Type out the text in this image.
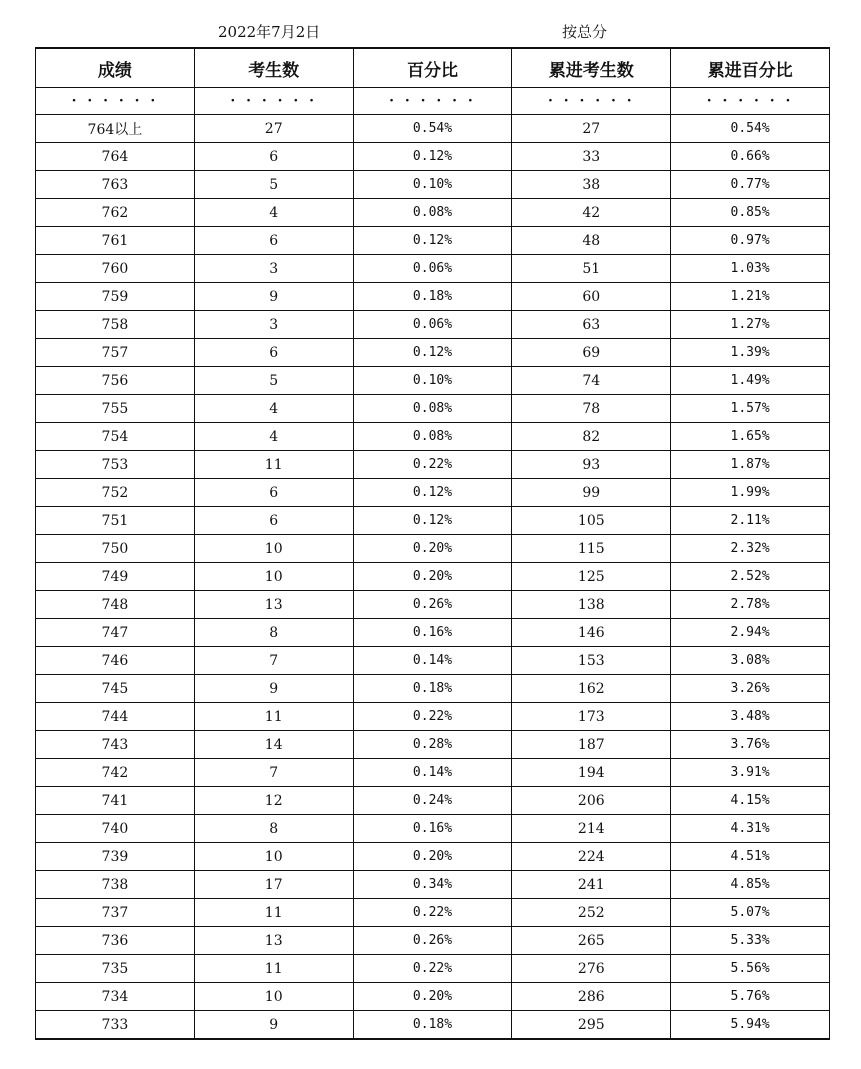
2022年7月2日	按总分
成绩	考生数	百分比	累进考生数	累进百分比
· · · · · ·	· · · · · ·	· · · · · ·	· · · · · ·	· · · · · ·
764以上	27	0.54%	27	0.54%
764	6	0.12%	33	0.66%
763	5	0.10%	38	0.77%
762	4	0.08%	42	0.85%
761	6	0.12%	48	0.97%
760	3	0.06%	51	1.03%
759	9	0.18%	60	1.21%
758	3	0.06%	63	1.27%
757	6	0.12%	69	1.39%
756	5	0.10%	74	1.49%
755	4	0.08%	78	1.57%
754	4	0.08%	82	1.65%
753	11	0.22%	93	1.87%
752	6	0.12%	99	1.99%
751	6	0.12%	105	2.11%
750	10	0.20%	115	2.32%
749	10	0.20%	125	2.52%
748	13	0.26%	138	2.78%
747	8	0.16%	146	2.94%
746	7	0.14%	153	3.08%
745	9	0.18%	162	3.26%
744	11	0.22%	173	3.48%
743	14	0.28%	187	3.76%
742	7	0.14%	194	3.91%
741	12	0.24%	206	4.15%
740	8	0.16%	214	4.31%
739	10	0.20%	224	4.51%
738	17	0.34%	241	4.85%
737	11	0.22%	252	5.07%
736	13	0.26%	265	5.33%
735	11	0.22%	276	5.56%
734	10	0.20%	286	5.76%
733	9	0.18%	295	5.94%
